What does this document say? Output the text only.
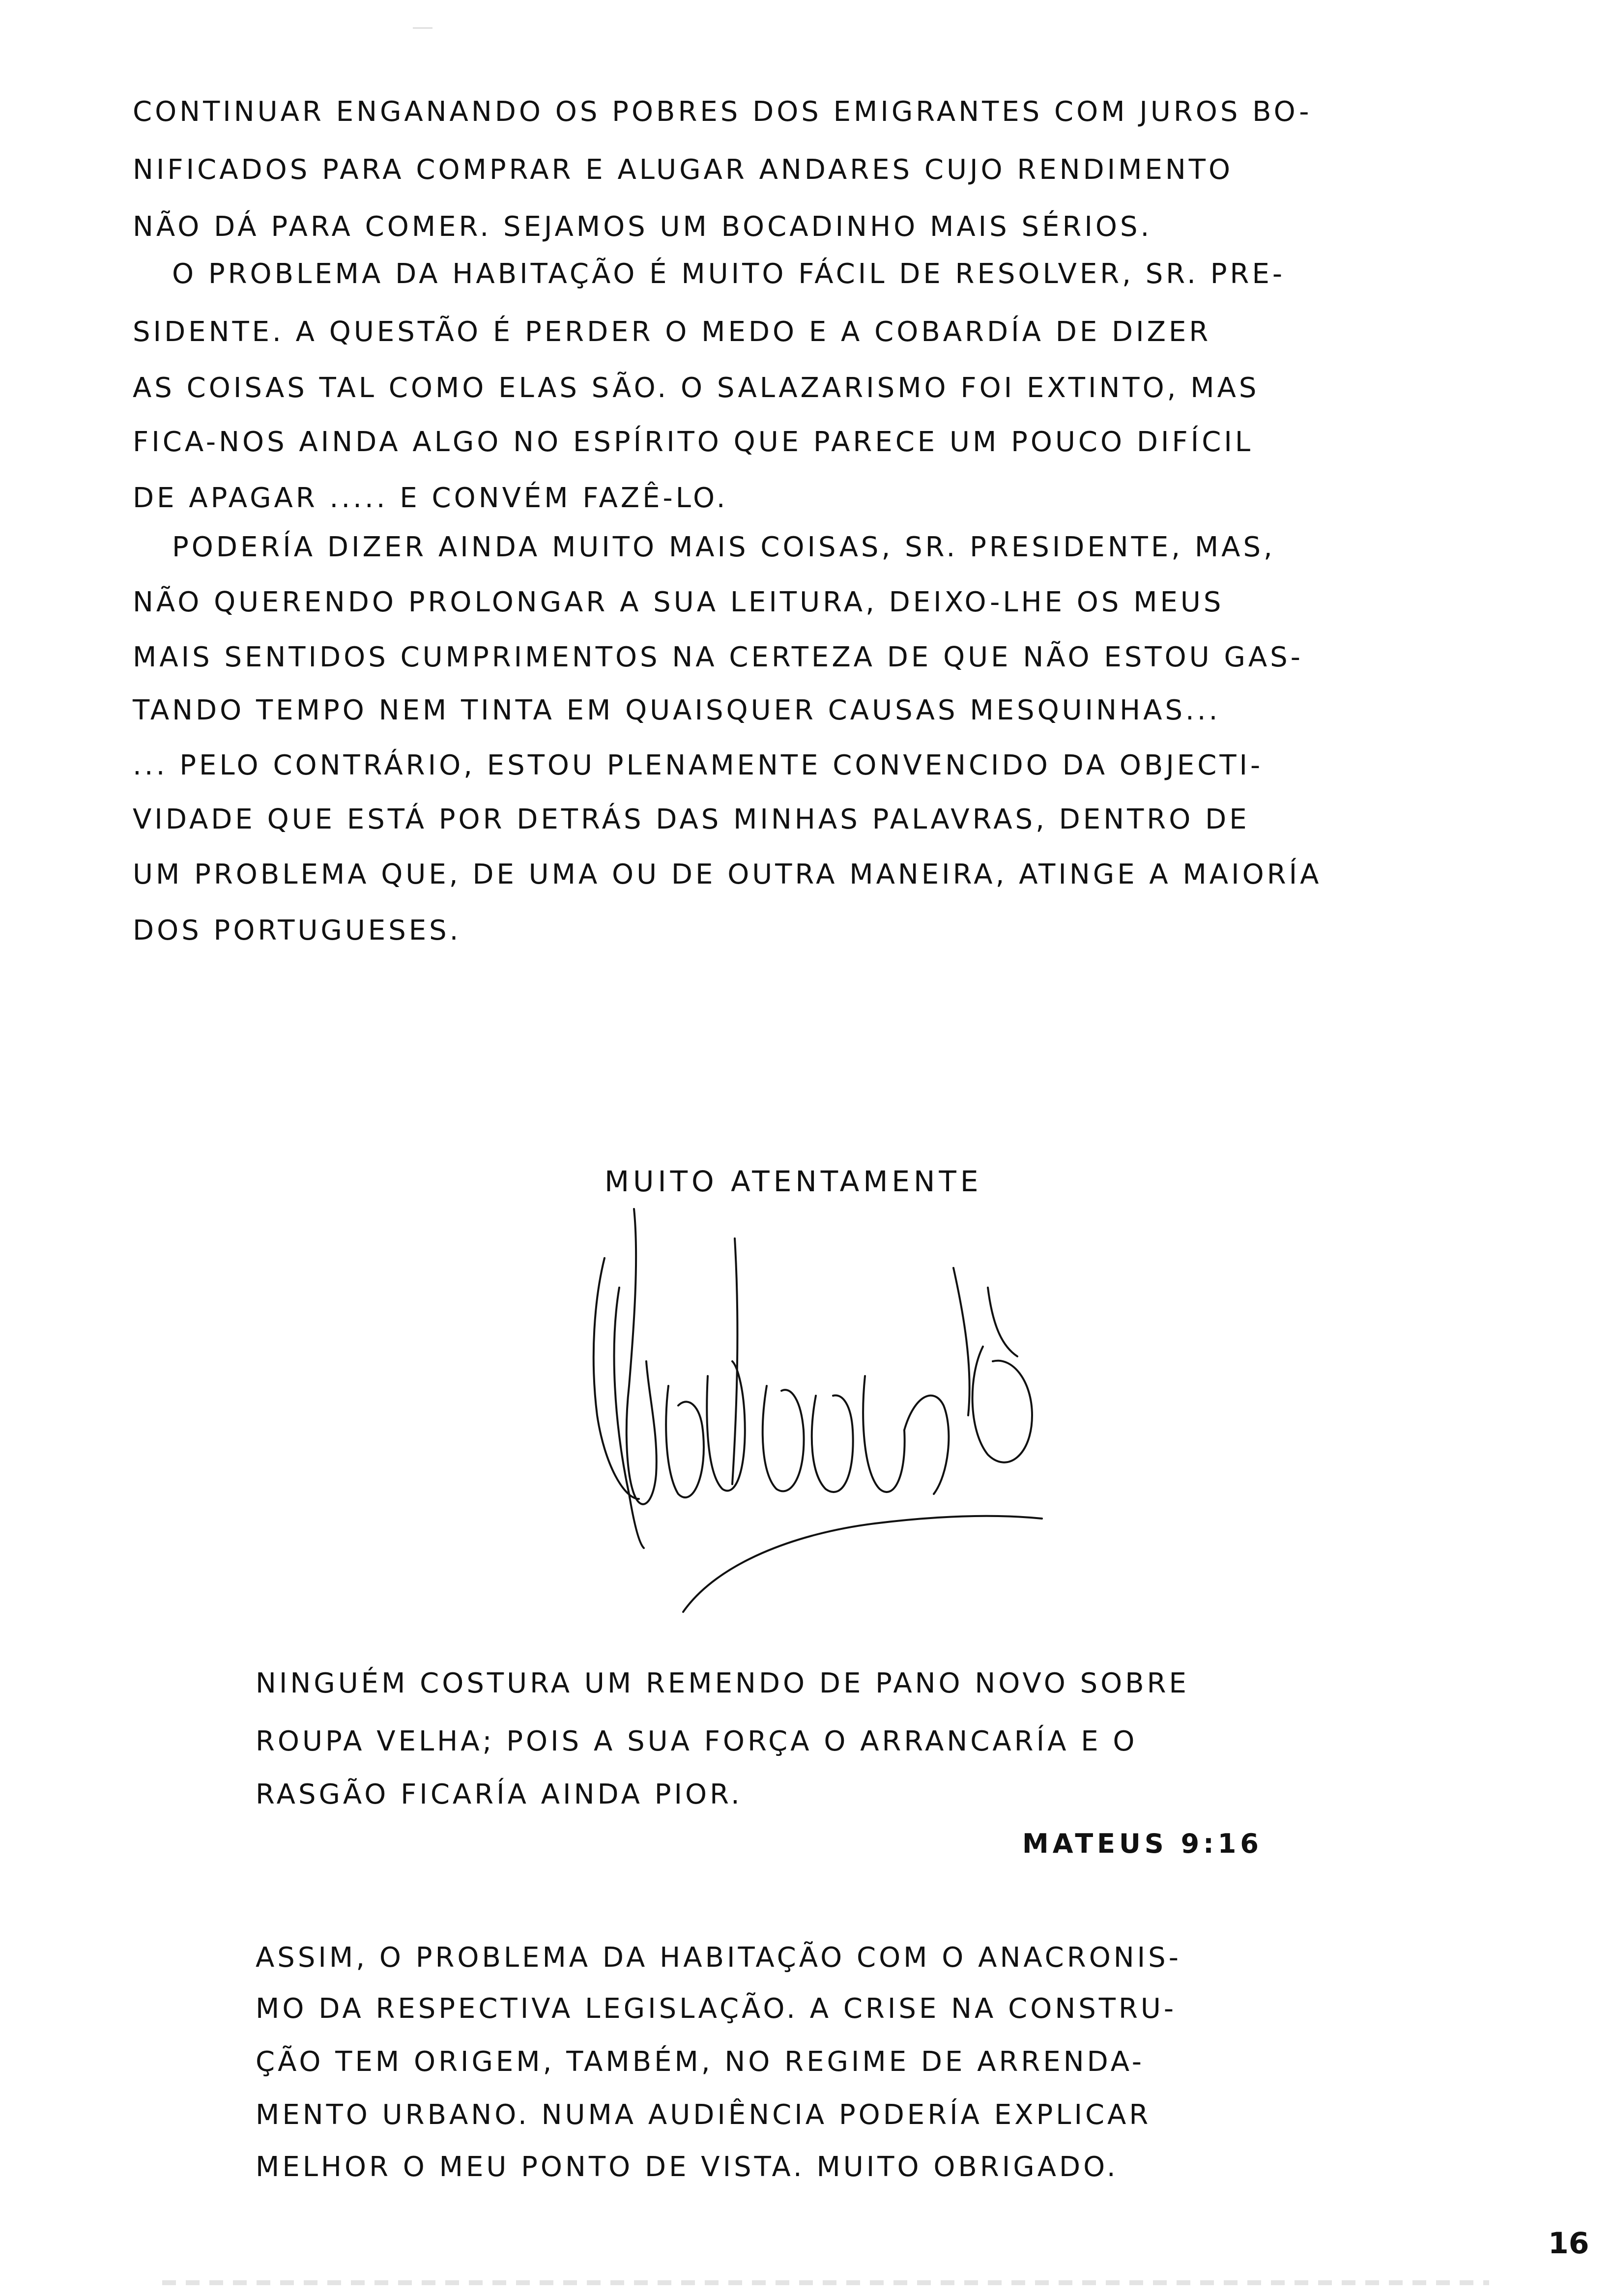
CONTINUAR ENGANANDO OS POBRES DOS EMIGRANTES COM JUROS BO-
NIFICADOS PARA COMPRAR E ALUGAR ANDARES CUJO RENDIMENTO
NÃO DÁ PARA COMER. SEJAMOS UM BOCADINHO MAIS SÉRIOS.
O PROBLEMA DA HABITAÇÃO É MUITO FÁCIL DE RESOLVER, SR. PRE-
SIDENTE. A QUESTÃO É PERDER O MEDO E A COBARDÍA DE DIZER
AS COISAS TAL COMO ELAS SÃO. O SALAZARISMO FOI EXTINTO, MAS
FICA-NOS AINDA ALGO NO ESPÍRITO QUE PARECE UM POUCO DIFÍCIL
DE APAGAR ..... E CONVÉM FAZÊ-LO.
PODERÍA DIZER AINDA MUITO MAIS COISAS, SR. PRESIDENTE, MAS,
NÃO QUERENDO PROLONGAR A SUA LEITURA, DEIXO-LHE OS MEUS
MAIS SENTIDOS CUMPRIMENTOS NA CERTEZA DE QUE NÃO ESTOU GAS-
TANDO TEMPO NEM TINTA EM QUAISQUER CAUSAS MESQUINHAS...
... PELO CONTRÁRIO, ESTOU PLENAMENTE CONVENCIDO DA OBJECTI-
VIDADE QUE ESTÁ POR DETRÁS DAS MINHAS PALAVRAS, DENTRO DE
UM PROBLEMA QUE, DE UMA OU DE OUTRA MANEIRA, ATINGE A MAIORÍA
DOS PORTUGUESES.
MUITO ATENTAMENTE
NINGUÉM COSTURA UM REMENDO DE PANO NOVO SOBRE
ROUPA VELHA; POIS A SUA FORÇA O ARRANCARÍA E O
RASGÃO FICARÍA AINDA PIOR.
MATEUS 9:16
ASSIM, O PROBLEMA DA HABITAÇÃO COM O ANACRONIS-
MO DA RESPECTIVA LEGISLAÇÃO. A CRISE NA CONSTRU-
ÇÃO TEM ORIGEM, TAMBÉM, NO REGIME DE ARRENDA-
MENTO URBANO. NUMA AUDIÊNCIA PODERÍA EXPLICAR
MELHOR O MEU PONTO DE VISTA. MUITO OBRIGADO.
16
